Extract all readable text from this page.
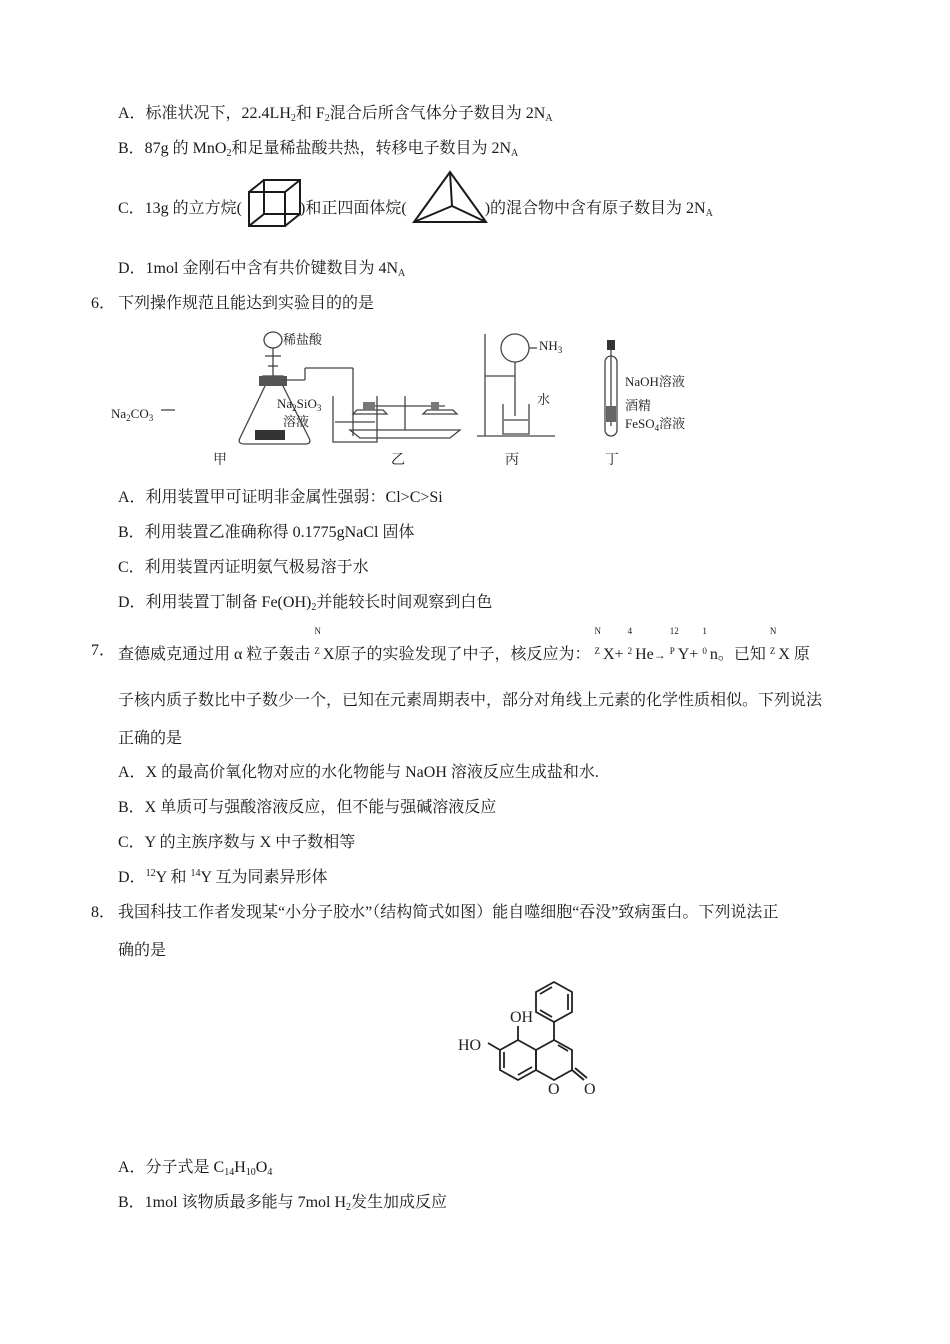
A．标准状况下，$22.4LH_2$和 $F_2$混合后所含气体分子数目为 $2N_A$
B．87g 的 MnO$_2$和足量稀盐酸共热，转移电子数目为 $2N_A$
C．13g 的立方烷(	)和正四面体烷(	)的混合物中含有原子数目为 $2N_A$
D．1mol 金刚石中含有共价键数目为 $4N_A$
6． 下列操作规范且能达到实验目的的是
稀盐酸
$Na_2CO_3$
$Na_2SiO_3$
溶液
$NH_3$
水
NaOH溶液
酒精
FeSO$_4$溶液
甲	乙	丙	丁
A．利用装置甲可证明非金属性强弱：Cl>C>Si
B．利用装置乙准确称得 0.1775gNaCl 固体
C．利用装置丙证明氨气极易溶于水
D．利用装置丁制备 $Fe(OH)_2$并能较长时间观察到白色
7． 查德威克通过用 α 粒子轰击
N
$^Z$ X原子的实验发现了中子，核反应为：
N
$^Z$ X+
4
$^2$ He→
12
$^P$ Y+
1
$^0$ n。已知
N
$^Z$ X 原
子核内质子数比中子数少一个，已知在元素周期表中，部分对角线上元素的化学性质相似。下列说法
正确的是
A．X 的最高价氧化物对应的水化物能与 NaOH 溶液反应生成盐和水.
B．X 单质可与强酸溶液反应，但不能与强碱溶液反应
C．Y 的主族序数与 X 中子数相等
D．$^{12}$Y 和 $^{14}$Y 互为同素异形体
8． 我国科技工作者发现某“小分子胶水”（结构简式如图）能自噬细胞“吞没”致病蛋白。下列说法正
确的是
OH
HO
O O
A．分子式是 $C_{14}H_{10}O_4$
B．1mol 该物质最多能与 7mol $H_2$发生加成反应
